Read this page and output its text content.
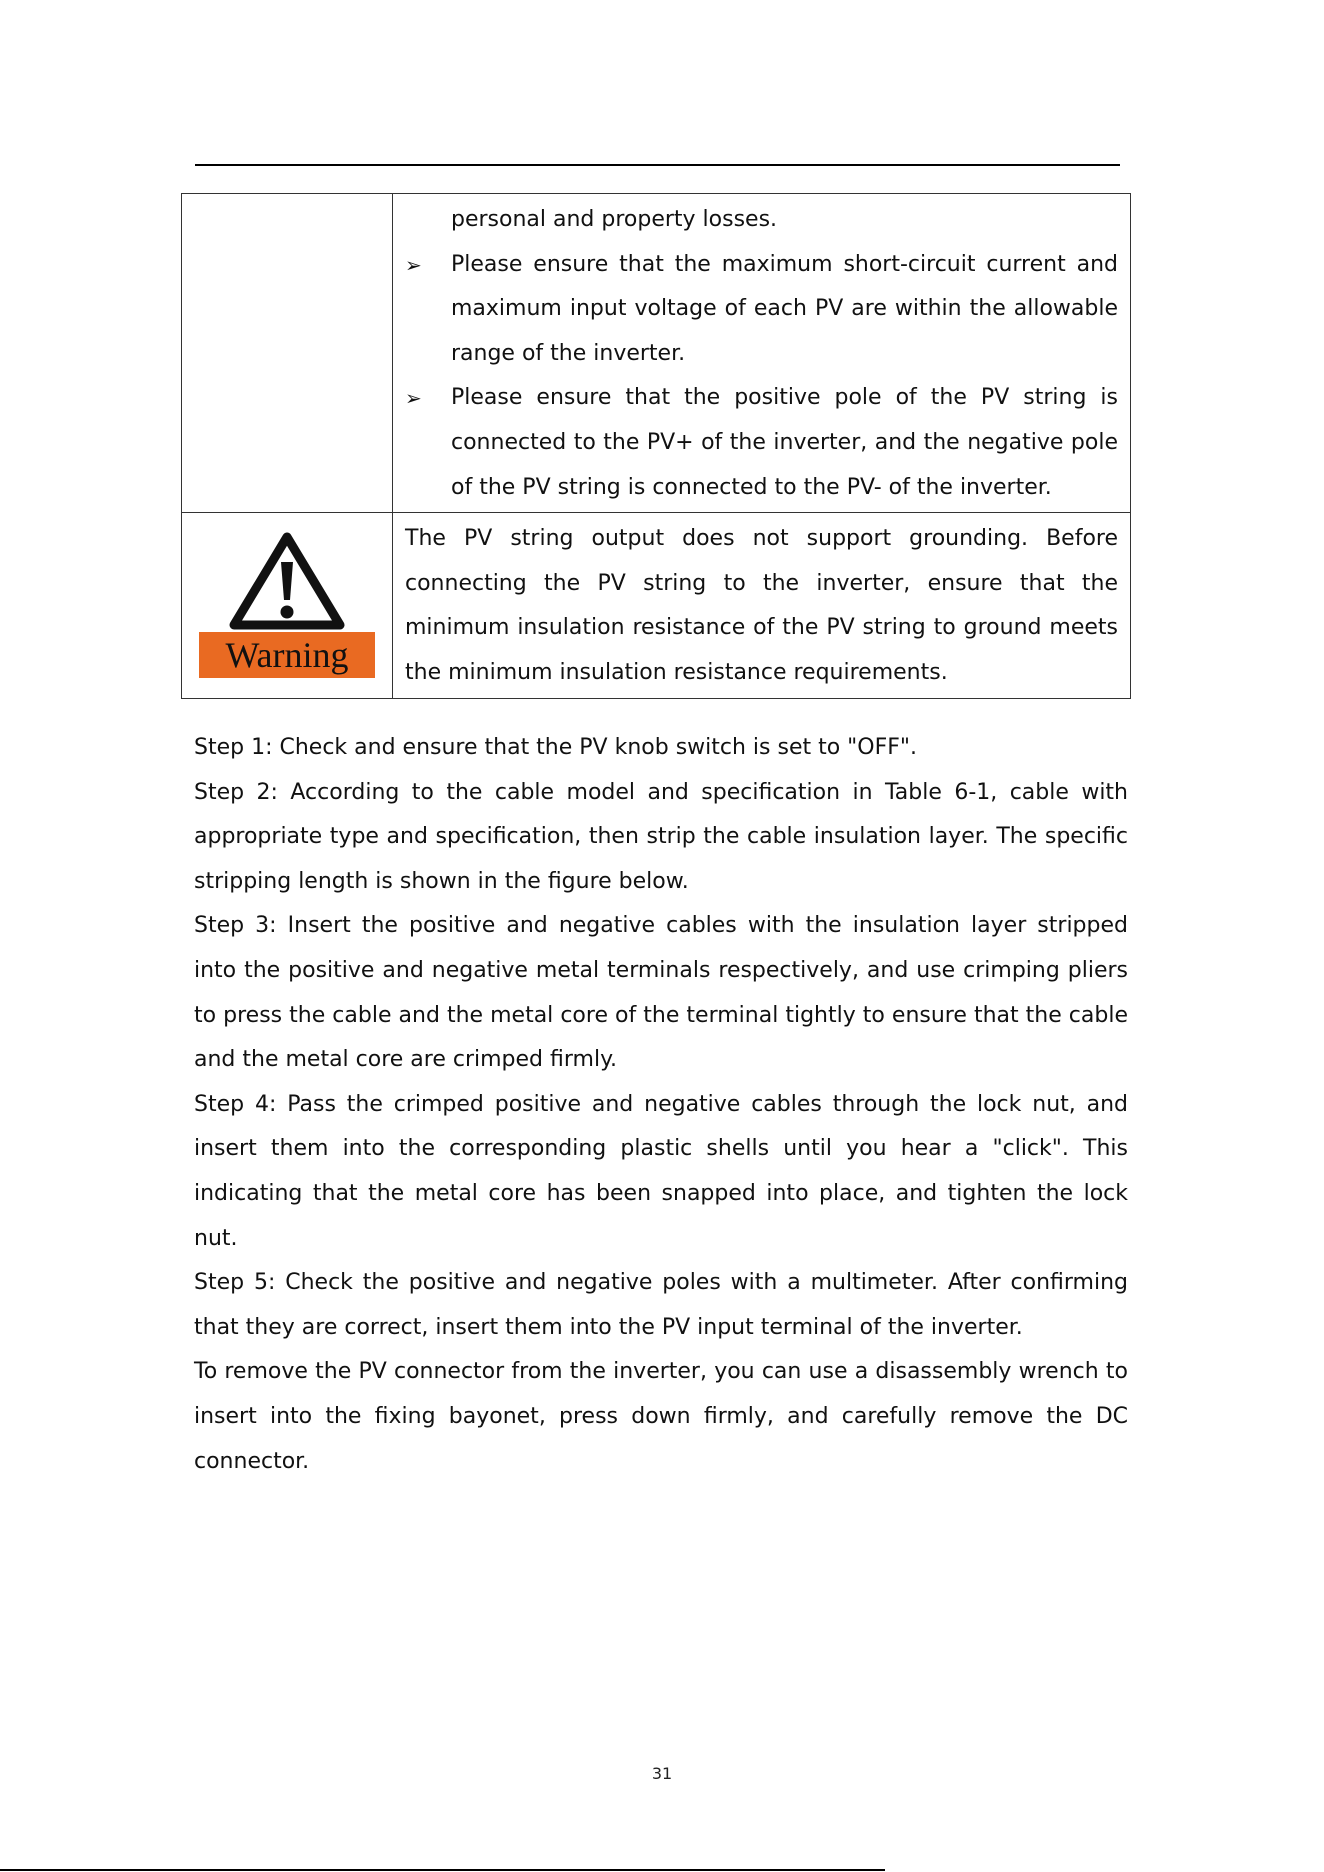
personal and property losses.
➢	Please ensure that the maximum short-circuit current and maximum input voltage of each PV are within the allowable range of the inverter.
➢	Please ensure that the positive pole of the PV string is connected to the PV+ of the inverter, and the negative pole of the PV string is connected to the PV- of the inverter.
Warning
The PV string output does not support grounding. Before connecting the PV string to the inverter, ensure that the minimum insulation resistance of the PV string to ground meets the minimum insulation resistance requirements.

Step 1: Check and ensure that the PV knob switch is set to "OFF".

Step 2: According to the cable model and specification in Table 6-1, cable with appropriate type and specification, then strip the cable insulation layer. The specific stripping length is shown in the figure below.

Step 3: Insert the positive and negative cables with the insulation layer stripped into the positive and negative metal terminals respectively, and use crimping pliers to press the cable and the metal core of the terminal tightly to ensure that the cable and the metal core are crimped firmly.

Step 4: Pass the crimped positive and negative cables through the lock nut, and insert them into the corresponding plastic shells until you hear a "click". This indicating that the metal core has been snapped into place, and tighten the lock nut.

Step 5: Check the positive and negative poles with a multimeter. After confirming that they are correct, insert them into the PV input terminal of the inverter.

To remove the PV connector from the inverter, you can use a disassembly wrench to insert into the fixing bayonet, press down firmly, and carefully remove the DC connector.

31
